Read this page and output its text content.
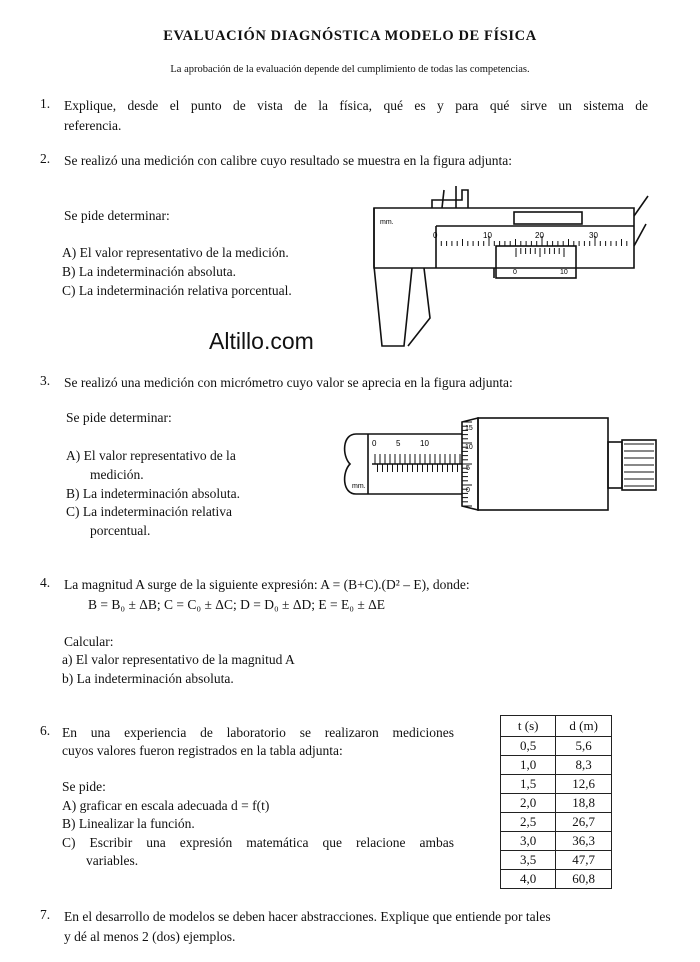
EVALUACIÓN DIAGNÓSTICA MODELO DE FÍSICA
La aprobación de la evaluación depende del cumplimiento de todas las competencias.
1. Explique, desde el punto de vista de la física, qué es y para qué sirve un sistema de
referencia.
2. Se realizó una medición con calibre cuyo resultado se muestra en la figura adjunta:
Se pide determinar:
A) El valor representativo de la medición.
B) La indeterminación absoluta.
C) La indeterminación relativa porcentual.
mm.
0	10	20	30
0	10
Altillo.com
3. Se realizó una medición con micrómetro cuyo valor se aprecia en la figura adjunta:
Se pide determinar:
A) El valor representativo de la
medición.
B) La indeterminación absoluta.
C) La indeterminación relativa
porcentual.
mm.
0 5 10
15
10
5
0
4. La magnitud A surge de la siguiente expresión: A = (B+C).(D² – E), donde:
B = B₀ ± ΔB; C = C₀ ± ΔC; D = D₀ ± ΔD; E = E₀ ± ΔE
Calcular:
a) El valor representativo de la magnitud A
b) La indeterminación absoluta.
6. En una experiencia de laboratorio se realizaron mediciones
cuyos valores fueron registrados en la tabla adjunta:
Se pide:
A) graficar en escala adecuada d = f(t)
B) Linealizar la función.
C) Escribir una expresión matemática que relacione ambas
variables.
t (s)	d (m)
0,5	5,6
1,0	8,3
1,5	12,6
2,0	18,8
2,5	26,7
3,0	36,3
3,5	47,7
4,0	60,8
7. En el desarrollo de modelos se deben hacer abstracciones. Explique que entiende por tales
y dé al menos 2 (dos) ejemplos.
